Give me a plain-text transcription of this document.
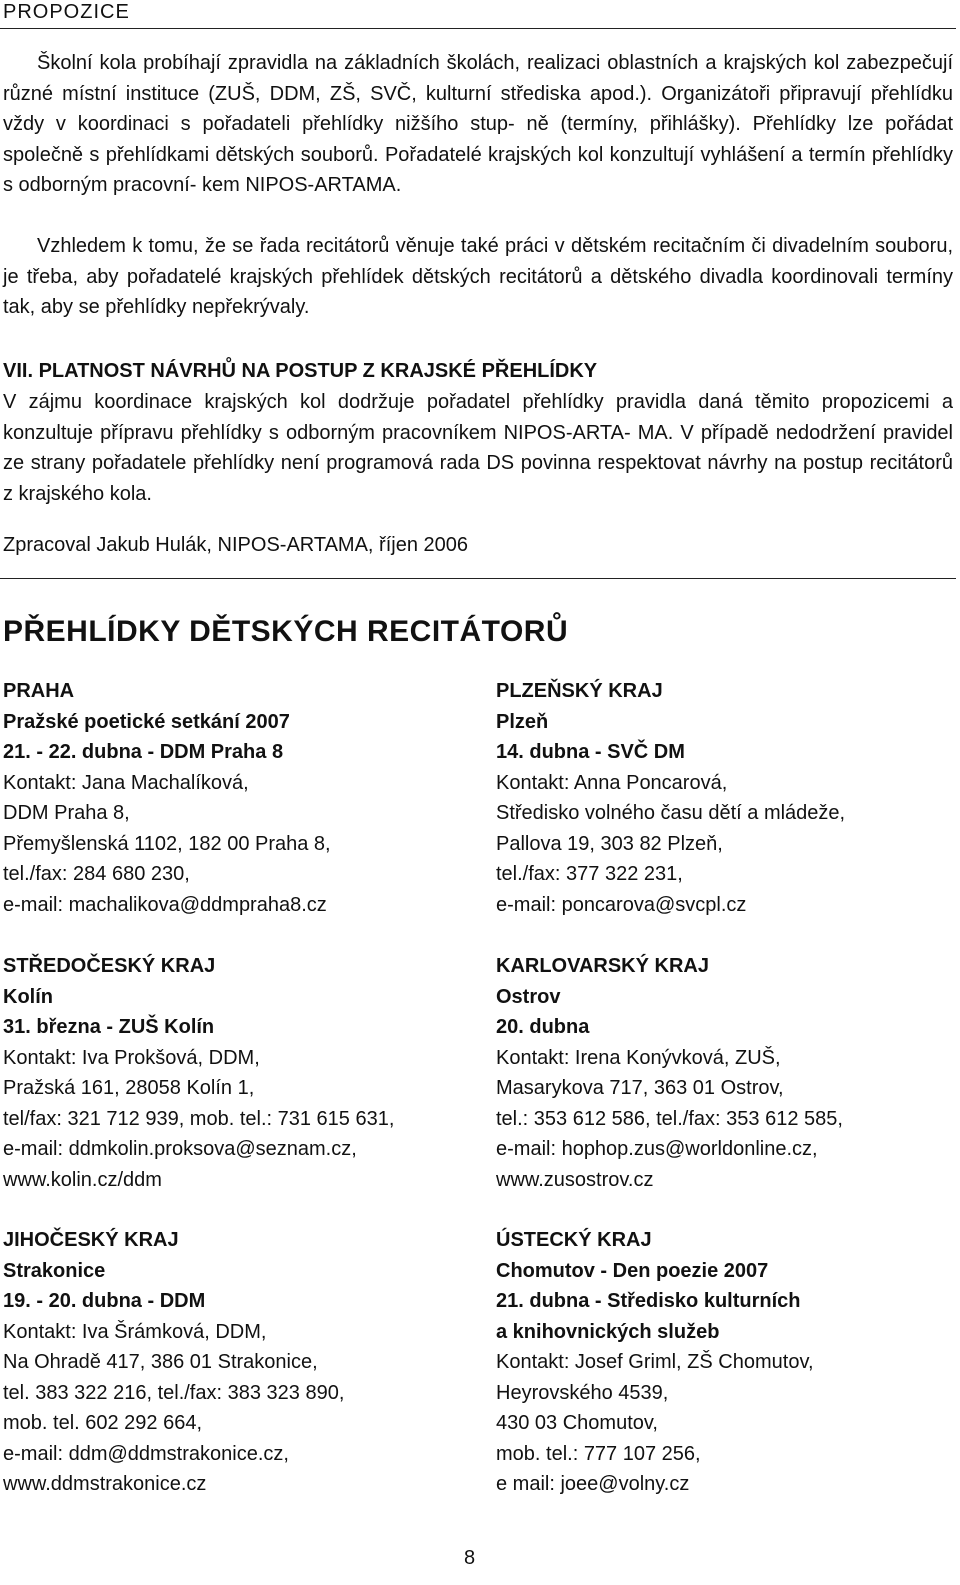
PROPOZICE
Školní kola probíhají zpravidla na základních školách, realizaci oblastních a krajských kol zabezpečují různé místní instituce (ZUŠ, DDM, ZŠ, SVČ, kulturní střediska apod.). Organizátoři připravují přehlídku vždy v koordinaci s pořadateli přehlídky nižšího stup- ně (termíny, přihlášky). Přehlídky lze pořádat společně s přehlídkami dětských souborů. Pořadatelé krajských kol konzultují vyhlášení a termín přehlídky s odborným pracovní- kem NIPOS-ARTAMA.
Vzhledem k tomu, že se řada recitátorů věnuje také práci v dětském recitačním či divadelním souboru, je třeba, aby pořadatelé krajských přehlídek dětských recitátorů a dětského divadla koordinovali termíny tak, aby se přehlídky nepřekrývaly.
VII. PLATNOST NÁVRHŮ NA POSTUP Z KRAJSKÉ PŘEHLÍDKY
V zájmu koordinace krajských kol dodržuje pořadatel přehlídky pravidla daná těmito propozicemi a konzultuje přípravu přehlídky s odborným pracovníkem NIPOS-ARTA- MA. V případě nedodržení pravidel ze strany pořadatele přehlídky není programová rada DS povinna respektovat návrhy na postup recitátorů z krajského kola.
Zpracoval Jakub Hulák, NIPOS-ARTAMA, říjen 2006
PŘEHLÍDKY DĚTSKÝCH RECITÁTORŮ
PRAHA
Pražské poetické setkání 2007
21. - 22. dubna - DDM Praha 8
Kontakt: Jana Machalíková,
DDM Praha 8,
Přemyšlenská 1102, 182 00 Praha 8,
tel./fax: 284 680 230,
e-mail: machalikova@ddmpraha8.cz
STŘEDOČESKÝ KRAJ
Kolín
31. března - ZUŠ Kolín
Kontakt: Iva Prokšová, DDM,
Pražská 161, 28058 Kolín 1,
tel/fax: 321 712 939, mob. tel.: 731 615 631,
e-mail: ddmkolin.proksova@seznam.cz,
www.kolin.cz/ddm
JIHOČESKÝ KRAJ
Strakonice
19. - 20. dubna - DDM
Kontakt: Iva Šrámková, DDM,
Na Ohradě 417, 386 01 Strakonice,
tel. 383 322 216, tel./fax: 383 323 890,
mob. tel. 602 292 664,
e-mail: ddm@ddmstrakonice.cz,
www.ddmstrakonice.cz
PLZEŇSKÝ KRAJ
Plzeň
14. dubna - SVČ DM
Kontakt: Anna Poncarová,
Středisko volného času dětí a mládeže,
Pallova 19, 303 82 Plzeň,
tel./fax: 377 322 231,
e-mail: poncarova@svcpl.cz
KARLOVARSKÝ KRAJ
Ostrov
20. dubna
Kontakt: Irena Konývková, ZUŠ,
Masarykova 717, 363 01 Ostrov,
tel.: 353 612 586, tel./fax: 353 612 585,
e-mail: hophop.zus@worldonline.cz,
www.zusostrov.cz
ÚSTECKÝ KRAJ
Chomutov - Den poezie 2007
21. dubna - Středisko kulturních
a knihovnických služeb
Kontakt: Josef Griml, ZŠ Chomutov,
Heyrovského 4539,
430 03 Chomutov,
mob. tel.: 777 107 256,
e mail: joee@volny.cz
8
